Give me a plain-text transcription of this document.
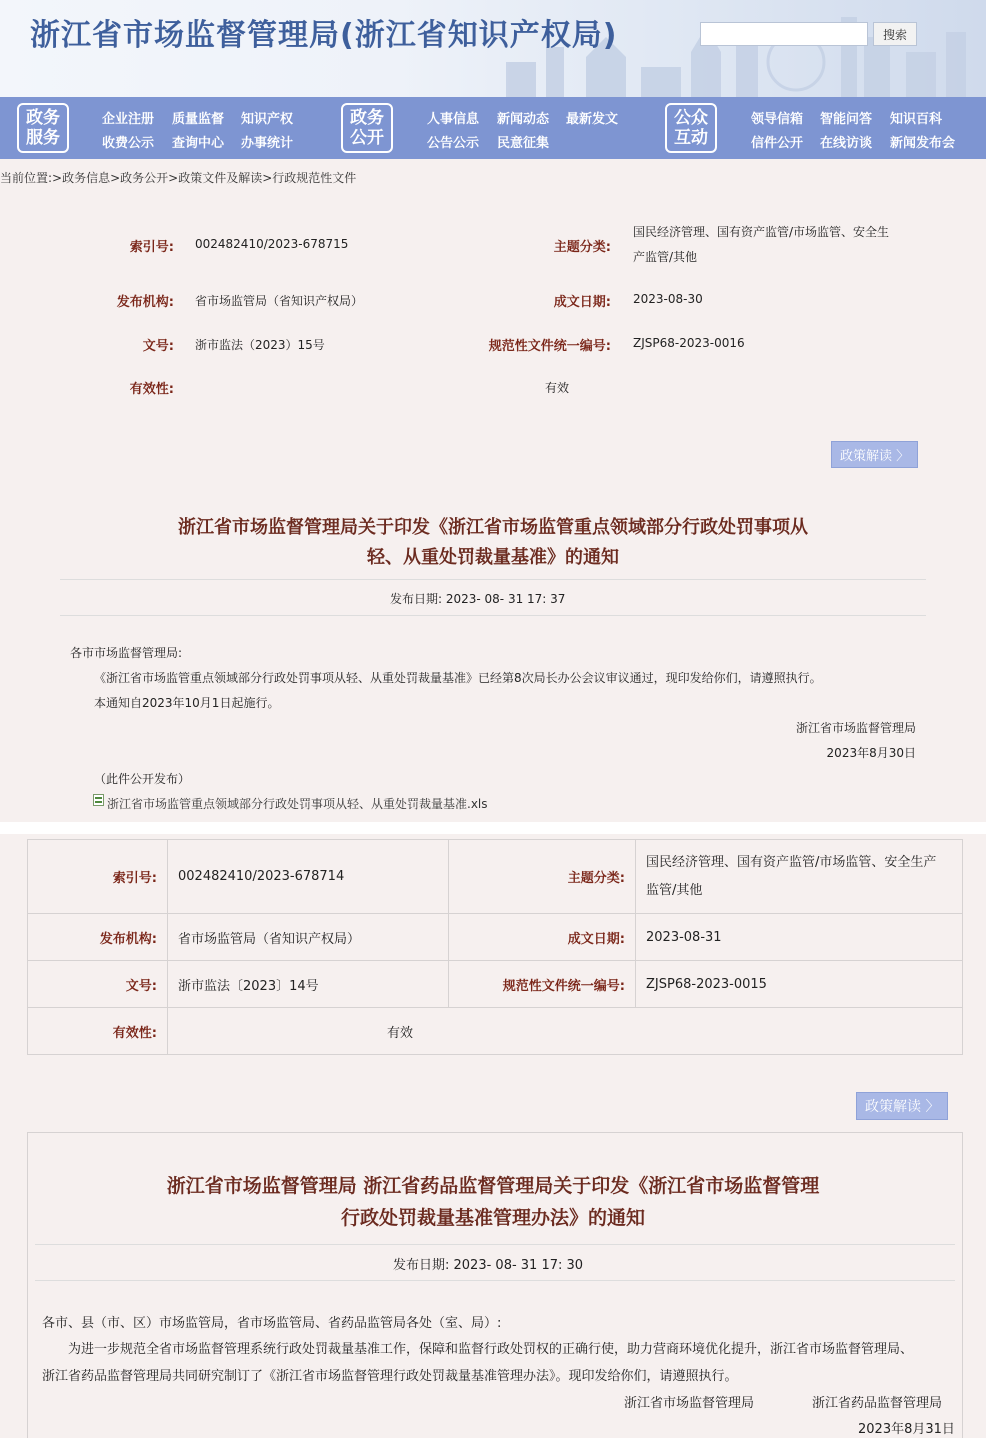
浙江省市场监督管理局(浙江省知识产权局)	搜索
政务
服务
企业注册 质量监督 知识产权
收费公示 查询中心 办事统计
政务
公开
人事信息 新闻动态 最新发文
公告公示 民意征集
公众
互动
领导信箱 智能问答 知识百科
信件公开 在线访谈 新闻发布会
当前位置:>政务信息>政务公开>政策文件及解读>行政规范性文件
索引号: 002482410/2023-678715	主题分类:
国民经济管理、国有资产监管/市场监管、安全生
产监管/其他
发布机构: 省市场监管局（省知识产权局）	成文日期: 2023-08-30
文号: 浙市监法（2023）15号	规范性文件统一编号: ZJSP68-2023-0016
有效性:	有效
政策解读 〉
浙江省市场监督管理局关于印发《浙江省市场监管重点领域部分行政处罚事项从
轻、从重处罚裁量基准》的通知
发布日期: 2023- 08- 31 17: 37
各市市场监督管理局:
《浙江省市场监管重点领域部分行政处罚事项从轻、从重处罚裁量基准》已经第8次局长办公会议审议通过，现印发给你们，请遵照执行。
本通知自2023年10月1日起施行。
浙江省市场监督管理局
2023年8月30日
（此件公开发布）
浙江省市场监管重点领域部分行政处罚事项从轻、从重处罚裁量基准.xls
索引号:	002482410/2023-678714	主题分类:	国民经济管理、国有资产监管/市场监管、安全生产
监管/其他

发布机构:	省市场监管局（省知识产权局）	成文日期:	2023-08-31
文号:	浙市监法〔2023〕14号	规范性文件统一编号:	ZJSP68-2023-0015
有效性:	有效		
政策解读 〉
浙江省市场监督管理局 浙江省药品监督管理局关于印发《浙江省市场监督管理
行政处罚裁量基准管理办法》的通知
发布日期: 2023- 08- 31 17: 30
各市、县（市、区）市场监管局，省市场监管局、省药品监管局各处（室、局）:
为进一步规范全省市场监督管理系统行政处罚裁量基准工作，保障和监督行政处罚权的正确行使，助力营商环境优化提升，浙江省市场监督管理局、
浙江省药品监督管理局共同研究制订了《浙江省市场监督管理行政处罚裁量基准管理办法》。现印发给你们，请遵照执行。
浙江省市场监督管理局	浙江省药品监督管理局
2023年8月31日
